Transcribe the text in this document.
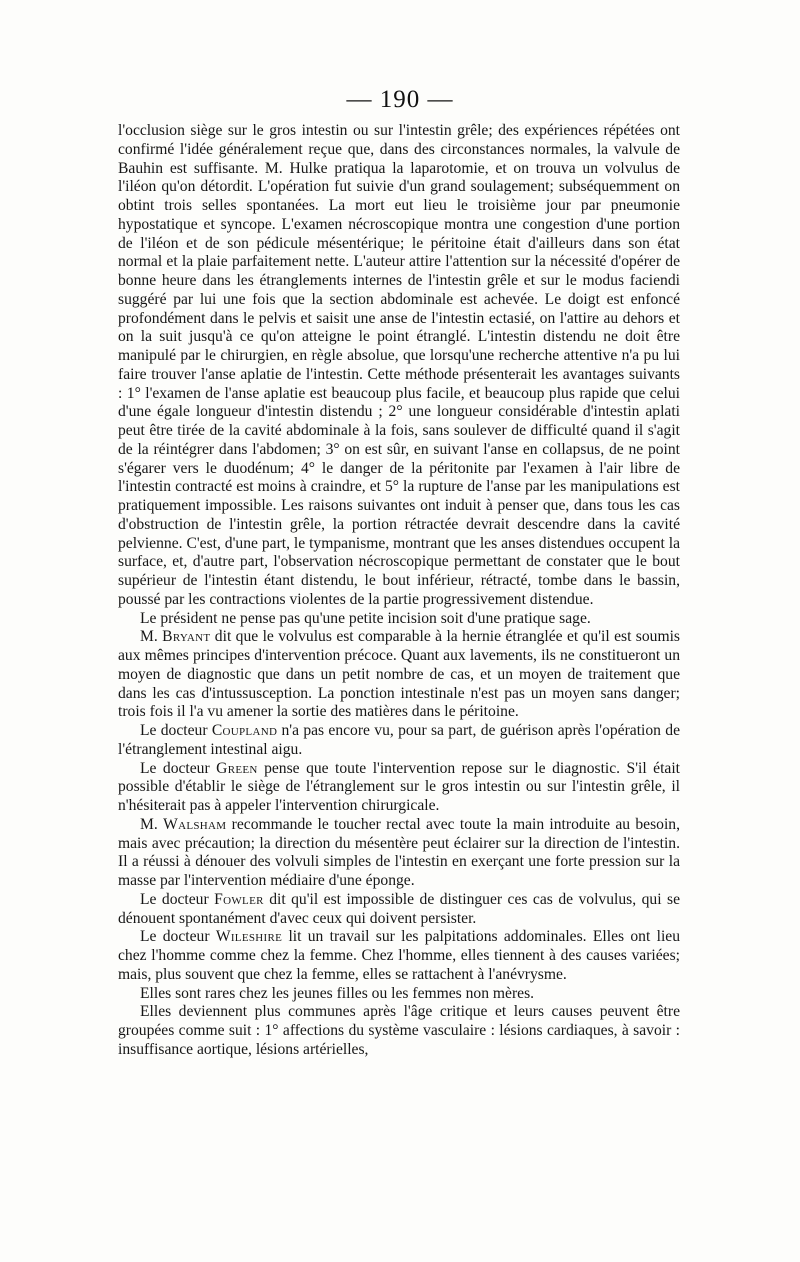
— 190 —

l'occlusion siège sur le gros intestin ou sur l'intestin grêle; des expériences répétées ont confirmé l'idée généralement reçue que, dans des circonstances normales, la valvule de Bauhin est suffisante. M. Hulke pratiqua la laparotomie, et on trouva un volvulus de l'iléon qu'on détordit. L'opération fut suivie d'un grand soulagement; subséquemment on obtint trois selles spontanées. La mort eut lieu le troisième jour par pneumonie hypostatique et syncope. L'examen nécroscopique montra une congestion d'une portion de l'iléon et de son pédicule mésentérique; le péritoine était d'ailleurs dans son état normal et la plaie parfaitement nette. L'auteur attire l'attention sur la nécessité d'opérer de bonne heure dans les étranglements internes de l'intestin grêle et sur le modus faciendi suggéré par lui une fois que la section abdominale est achevée. Le doigt est enfoncé profondément dans le pelvis et saisit une anse de l'intestin ectasié, on l'attire au dehors et on la suit jusqu'à ce qu'on atteigne le point étranglé. L'intestin distendu ne doit être manipulé par le chirurgien, en règle absolue, que lorsqu'une recherche attentive n'a pu lui faire trouver l'anse aplatie de l'intestin. Cette méthode présenterait les avantages suivants : 1° l'examen de l'anse aplatie est beaucoup plus facile, et beaucoup plus rapide que celui d'une égale longueur d'intestin distendu ; 2° une longueur considérable d'intestin aplati peut être tirée de la cavité abdominale à la fois, sans soulever de difficulté quand il s'agit de la réintégrer dans l'abdomen; 3° on est sûr, en suivant l'anse en collapsus, de ne point s'égarer vers le duodénum; 4° le danger de la péritonite par l'examen à l'air libre de l'intestin contracté est moins à craindre, et 5° la rupture de l'anse par les manipulations est pratiquement impossible. Les raisons suivantes ont induit à penser que, dans tous les cas d'obstruction de l'intestin grêle, la portion rétractée devrait descendre dans la cavité pelvienne. C'est, d'une part, le tympanisme, montrant que les anses distendues occupent la surface, et, d'autre part, l'observation nécroscopique permettant de constater que le bout supérieur de l'intestin étant distendu, le bout inférieur, rétracté, tombe dans le bassin, poussé par les contractions violentes de la partie progressivement distendue.

Le président ne pense pas qu'une petite incision soit d'une pratique sage.

M. Bryant dit que le volvulus est comparable à la hernie étranglée et qu'il est soumis aux mêmes principes d'intervention précoce. Quant aux lavements, ils ne constitueront un moyen de diagnostic que dans un petit nombre de cas, et un moyen de traitement que dans les cas d'intussusception. La ponction intestinale n'est pas un moyen sans danger; trois fois il l'a vu amener la sortie des matières dans le péritoine.

Le docteur Coupland n'a pas encore vu, pour sa part, de guérison après l'opération de l'étranglement intestinal aigu.

Le docteur Green pense que toute l'intervention repose sur le diagnostic. S'il était possible d'établir le siège de l'étranglement sur le gros intestin ou sur l'intestin grêle, il n'hésiterait pas à appeler l'intervention chirurgicale.

M. Walsham recommande le toucher rectal avec toute la main introduite au besoin, mais avec précaution; la direction du mésentère peut éclairer sur la direction de l'intestin. Il a réussi à dénouer des volvuli simples de l'intestin en exerçant une forte pression sur la masse par l'intervention médiaire d'une éponge.

Le docteur Fowler dit qu'il est impossible de distinguer ces cas de volvulus, qui se dénouent spontanément d'avec ceux qui doivent persister.

Le docteur Wileshire lit un travail sur les palpitations addominales. Elles ont lieu chez l'homme comme chez la femme. Chez l'homme, elles tiennent à des causes variées; mais, plus souvent que chez la femme, elles se rattachent à l'anévrysme.

Elles sont rares chez les jeunes filles ou les femmes non mères.

Elles deviennent plus communes après l'âge critique et leurs causes peuvent être groupées comme suit : 1° affections du système vasculaire : lésions cardiaques, à savoir : insuffisance aortique, lésions artérielles,
